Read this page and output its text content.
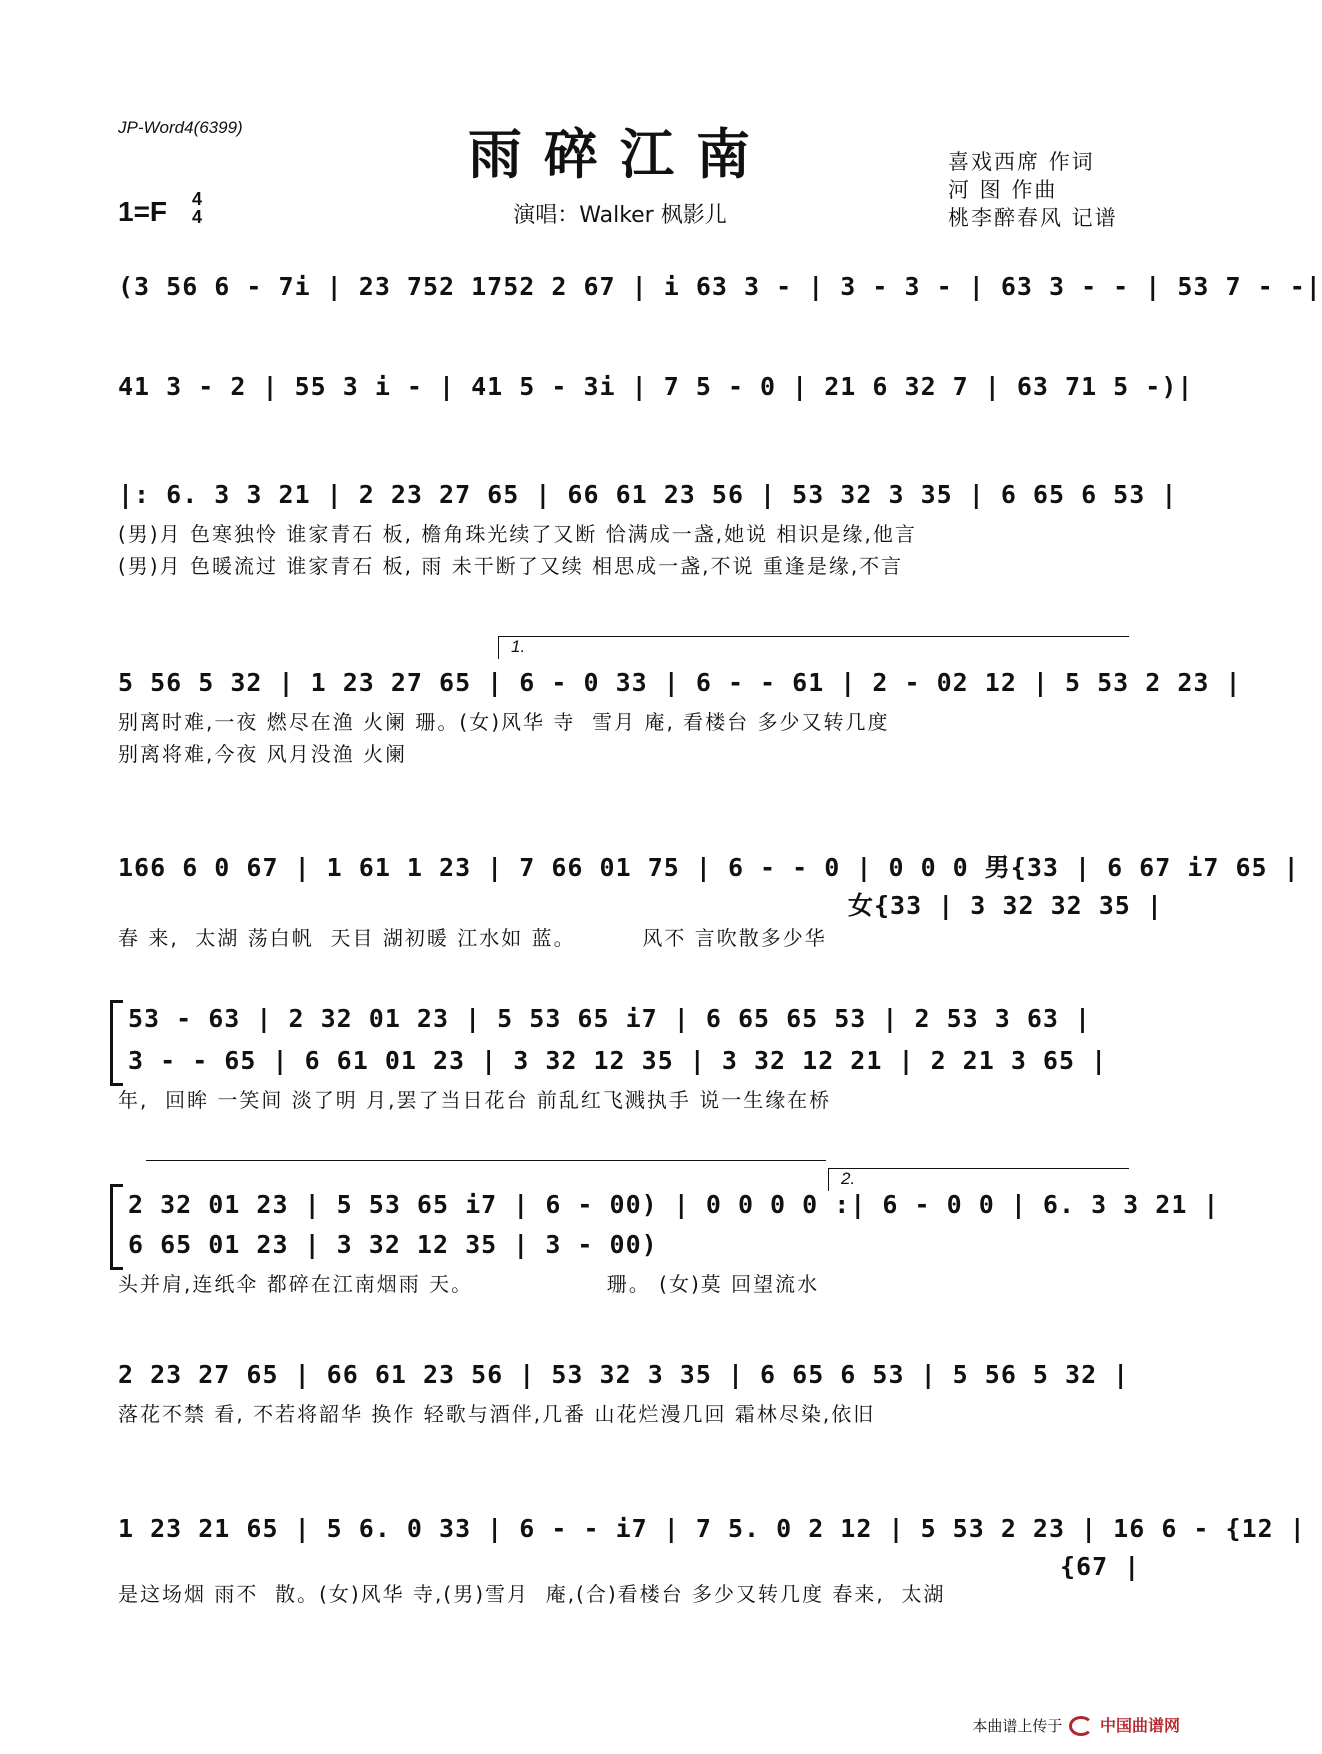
JP-Word4(6399)	雨碎江南
1=F 4
4	演唱：Walker 枫影儿
喜戏西席 作词
河 图 作曲
桃李醉春风 记谱
(3 56 6 - 7i | 23 752 1752 2 67 | i 63 3 - | 3 - 3 - | 63 3 - - | 53 7 - -|
41 3 - 2 | 55 3 i - | 41 5 - 3i | 7 5 - 0 | 21 6 32 7 | 63 71 5 -)|
|: 6. 3 3 21 | 2 23 27 65 | 66 61 23 56 | 53 32 3 35 | 6 65 6 53 |
(男)月 色寒独怜 谁家青石 板, 檐角珠光续了又断 恰满成一盏,她说 相识是缘,他言
(男)月 色暖流过 谁家青石 板, 雨 未干断了又续 相思成一盏,不说 重逢是缘,不言
1.
5 56 5 32 | 1 23 27 65 | 6 - 0 33 | 6 - - 61 | 2 - 02 12 | 5 53 2 23 |
别离时难,一夜 燃尽在渔 火阑 珊。(女)风华 寺  雪月 庵, 看楼台 多少又转几度
别离将难,今夜 风月没渔 火阑
166 6 0 67 | 1 61 1 23 | 7 66 01 75 | 6 - - 0 | 0 0 0 男{33 | 6 67 i7 65 |
女{33 | 3 32 32 35 |
春 来,  太湖 荡白帆  天目 湖初暖 江水如 蓝。        风不 言吹散多少华
53 - 63 | 2 32 01 23 | 5 53 65 i7 | 6 65 65 53 | 2 53 3 63 |
3 - - 65 | 6 61 01 23 | 3 32 12 35 | 3 32 12 21 | 2 21 3 65 |
年,  回眸 一笑间 淡了明 月,罢了当日花台 前乱红飞溅执手 说一生缘在桥
2.
2 32 01 23 | 5 53 65 i7 | 6 - 00) | 0 0 0 0 :| 6 - 0 0 | 6. 3 3 21 |
6 65 01 23 | 3 32 12 35 | 3 - 00)
头并肩,连纸伞 都碎在江南烟雨 天。                珊。 (女)莫 回望流水
2 23 27 65 | 66 61 23 56 | 53 32 3 35 | 6 65 6 53 | 5 56 5 32 |
落花不禁 看, 不若将韶华 换作 轻歌与酒伴,几番 山花烂漫几回 霜林尽染,依旧
1 23 21 65 | 5 6. 0 33 | 6 - - i7 | 7 5. 0 2 12 | 5 53 2 23 | 16 6 - {12 |
{67 |
是这场烟 雨不  散。(女)风华 寺,(男)雪月  庵,(合)看楼台 多少又转几度 春来,  太湖
本曲谱上传于 中国曲谱网
